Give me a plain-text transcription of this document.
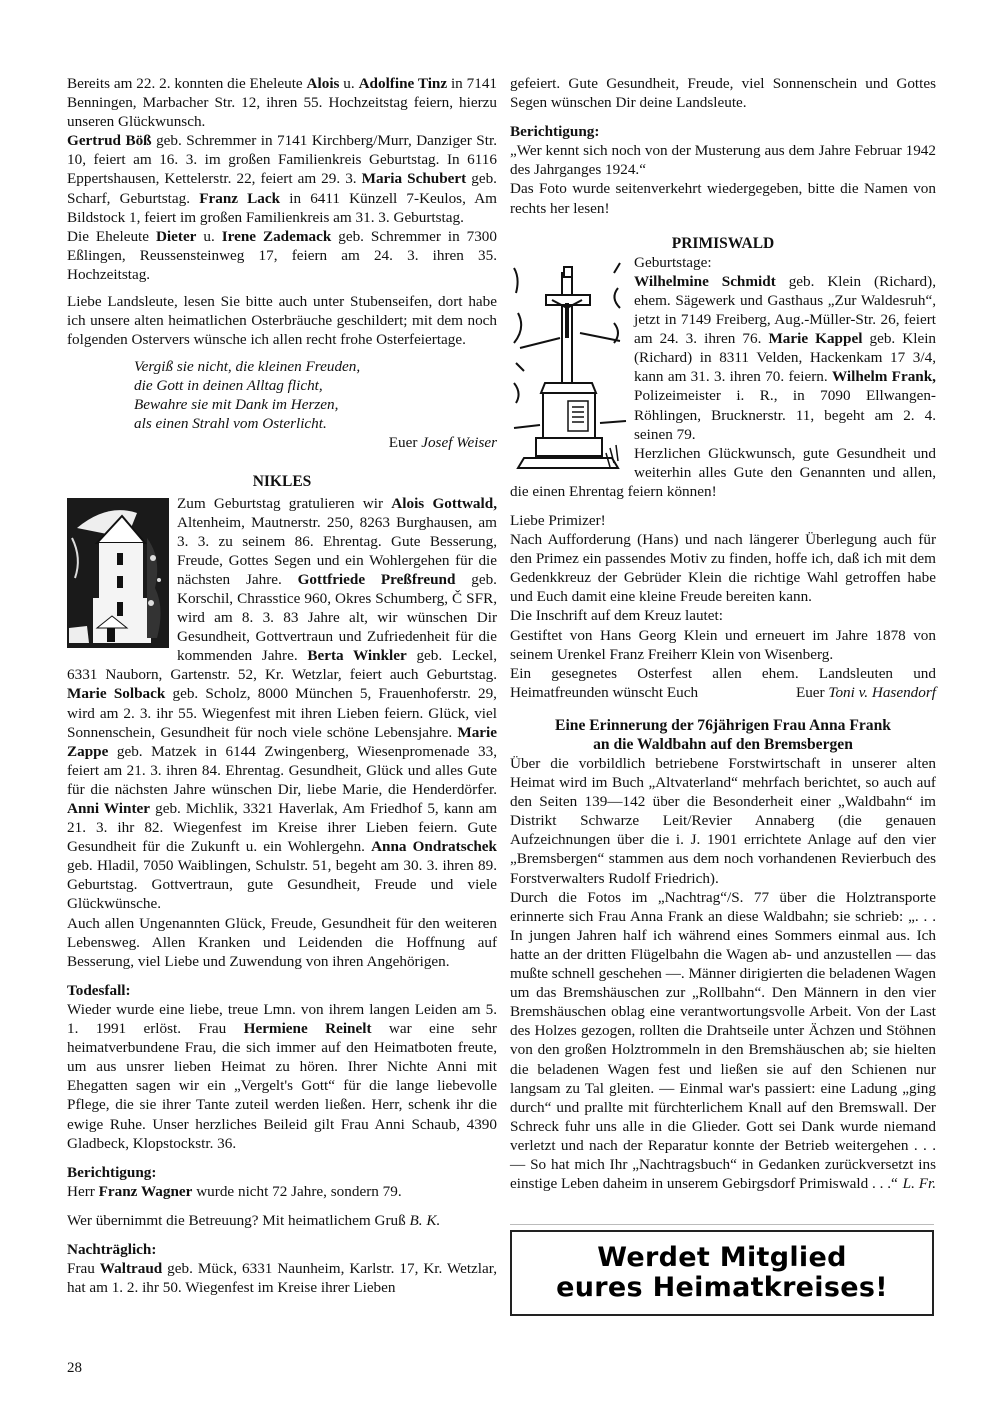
Bereits am 22. 2. konnten die Eheleute Alois u. Adolfine Tinz in 7141 Benningen, Marbacher Str. 12, ihren 55. Hochzeitstag feiern, hierzu unseren Glückwunsch.

Gertrud Böß geb. Schremmer in 7141 Kirchberg/Murr, Danziger Str. 10, feiert am 16. 3. im großen Familienkreis Geburtstag. In 6116 Eppertshausen, Kettelerstr. 22, feiert am 29. 3. Maria Schubert geb. Scharf, Geburtstag. Franz Lack in 6411 Künzell 7-Keulos, Am Bildstock 1, feiert im großen Familienkreis am 31. 3. Geburtstag.

Die Eheleute Dieter u. Irene Zademack geb. Schremmer in 7300 Eßlingen, Reussensteinweg 17, feiern am 24. 3. ihren 35. Hochzeitstag.

Liebe Landsleute, lesen Sie bitte auch unter Stubenseifen, dort habe ich unsere alten heimatlichen Osterbräuche geschildert; mit dem noch folgenden Ostervers wünsche ich allen recht frohe Osterfeiertage.

Vergiß sie nicht, die kleinen Freuden,
die Gott in deinen Alltag flicht,
Bewahre sie mit Dank im Herzen,
als einen Strahl vom Osterlicht.

Euer Josef Weiser

NIKLES

Zum Geburtstag gratulieren wir Alois Gottwald, Altenheim, Mautnerstr. 250, 8263 Burghausen, am 3. 3. zu seinem 86. Ehrentag. Gute Besserung, Freude, Gottes Segen und ein Wohlergehen für die nächsten Jahre. Gottfriede Preßfreund geb. Korschil, Chrasstice 960, Okres Schumberg, Č SFR, wird am 8. 3. 83 Jahre alt, wir wünschen Dir Gesundheit, Gottvertraun und Zufriedenheit für die kommenden Jahre. Berta Winkler geb. Leckel, 6331 Nauborn, Gartenstr. 52, Kr. Wetzlar, feiert auch Geburtstag. Marie Solback geb. Scholz, 8000 München 5, Frauenhoferstr. 29, wird am 2. 3. ihr 55. Wiegenfest mit ihren Lieben feiern. Glück, viel Sonnenschein, Gesundheit für noch viele schöne Lebensjahre. Marie Zappe geb. Matzek in 6144 Zwingenberg, Wiesenpromenade 33, feiert am 21. 3. ihren 84. Ehrentag. Gesundheit, Glück und alles Gute für die nächsten Jahre wünschen Dir, liebe Marie, die Henderdörfer. Anni Winter geb. Michlik, 3321 Haverlak, Am Friedhof 5, kann am 21. 3. ihr 82. Wiegenfest im Kreise ihrer Lieben feiern. Gute Gesundheit für die Zukunft u. ein Wohlergehn. Anna Ondratschek geb. Hladil, 7050 Waiblingen, Schulstr. 51, begeht am 30. 3. ihren 89. Geburtstag. Gottvertraun, gute Gesundheit, Freude und viele Glückwünsche.

Auch allen Ungenannten Glück, Freude, Gesundheit für den weiteren Lebensweg. Allen Kranken und Leidenden die Hoffnung auf Besserung, viel Liebe und Zuwendung von ihren Angehörigen.

Todesfall:

Wieder wurde eine liebe, treue Lmn. von ihrem langen Leiden am 5. 1. 1991 erlöst. Frau Hermiene Reinelt war eine sehr heimatverbundene Frau, die sich immer auf den Heimatboten freute, um aus unsrer lieben Heimat zu hören. Ihrer Nichte Anni mit Ehegatten sagen wir ein „Vergelt's Gott“ für die lange liebevolle Pflege, die sie ihrer Tante zuteil werden ließen. Herr, schenk ihr die ewige Ruhe. Unser herzliches Beileid gilt Frau Anni Schaub, 4390 Gladbeck, Klopstockstr. 36.

Berichtigung:

Herr Franz Wagner wurde nicht 72 Jahre, sondern 79.

Wer übernimmt die Betreuung? Mit heimatlichem Gruß B. K.

Nachträglich:

Frau Waltraud geb. Mück, 6331 Naunheim, Karlstr. 17, Kr. Wetzlar, hat am 1. 2. ihr 50. Wiegenfest im Kreise ihrer Lieben

gefeiert. Gute Gesundheit, Freude, viel Sonnenschein und Gottes Segen wünschen Dir deine Landsleute.

Berichtigung:

„Wer kennt sich noch von der Musterung aus dem Jahre Februar 1942 des Jahrganges 1924.“

Das Foto wurde seitenverkehrt wiedergegeben, bitte die Namen von rechts her lesen!

PRIMISWALD

Geburtstage:

Wilhelmine Schmidt geb. Klein (Richard), ehem. Sägewerk und Gasthaus „Zur Waldesruh“, jetzt in 7149 Freiberg, Aug.-Müller-Str. 26, feiert am 24. 3. ihren 76. Marie Kappel geb. Klein (Richard) in 8311 Velden, Hackenkam 17 3/4, kann am 31. 3. ihren 70. feiern. Wilhelm Frank, Polizeimeister i. R., in 7090 Ellwangen-Röhlingen, Brucknerstr. 11, begeht am 2. 4. seinen 79.

Herzlichen Glückwunsch, gute Gesundheit und weiterhin alles Gute den Genannten und allen, die einen Ehrentag feiern können!

Liebe Primizer!

Nach Aufforderung (Hans) und nach längerer Überlegung auch für den Primez ein passendes Motiv zu finden, hoffe ich, daß ich mit dem Gedenkkreuz der Gebrüder Klein die richtige Wahl getroffen habe und Euch damit eine kleine Freude bereiten kann.

Die Inschrift auf dem Kreuz lautet:

Gestiftet von Hans Georg Klein und erneuert im Jahre 1878 von seinem Urenkel Franz Freiherr Klein von Wisenberg.

Ein gesegnetes Osterfest allen ehem. Landsleuten und Heimatfreunden wünscht Euch	Euer Toni v. Hasendorf

Eine Erinnerung der 76jährigen Frau Anna Frank
an die Waldbahn auf den Bremsbergen

Über die vorbildlich betriebene Forstwirtschaft in unserer alten Heimat wird im Buch „Altvaterland“ mehrfach berichtet, so auch auf den Seiten 139—142 über die Besonderheit einer „Waldbahn“ im Distrikt Schwarze Leit/Revier Annaberg (die genauen Aufzeichnungen über die i. J. 1901 errichtete Anlage auf den vier „Bremsbergen“ stammen aus dem noch vorhandenen Revierbuch des Forstverwalters Rudolf Friedrich).

Durch die Fotos im „Nachtrag“/S. 77 über die Holztransporte erinnerte sich Frau Anna Frank an diese Waldbahn; sie schrieb: „. . . In jungen Jahren half ich während eines Sommers einmal aus. Ich hatte an der dritten Flügelbahn die Wagen ab- und anzustellen — das mußte schnell geschehen —. Männer dirigierten die beladenen Wagen um das Bremshäuschen zur „Rollbahn“. Den Männern in den vier Bremshäuschen oblag eine verantwortungsvolle Arbeit. Von der Last des Holzes gezogen, rollten die Drahtseile unter Ächzen und Stöhnen von den großen Holztrommeln in den Bremshäuschen ab; sie hielten die beladenen Wagen fest und ließen sie auf den Schienen nur langsam zu Tal gleiten. — Einmal war's passiert: eine Ladung „ging durch“ und prallte mit fürchterlichem Knall auf den Bremswall. Der Schreck fuhr uns alle in die Glieder. Gott sei Dank wurde niemand verletzt und nach der Reparatur konnte der Betrieb weitergehen . . . — So hat mich Ihr „Nachtragsbuch“ in Gedanken zurückversetzt ins einstige Leben daheim in unserem Gebirgsdorf Primiswald . . .“ L. Fr.

Werdet Mitglied
eures Heimatkreises!
28
